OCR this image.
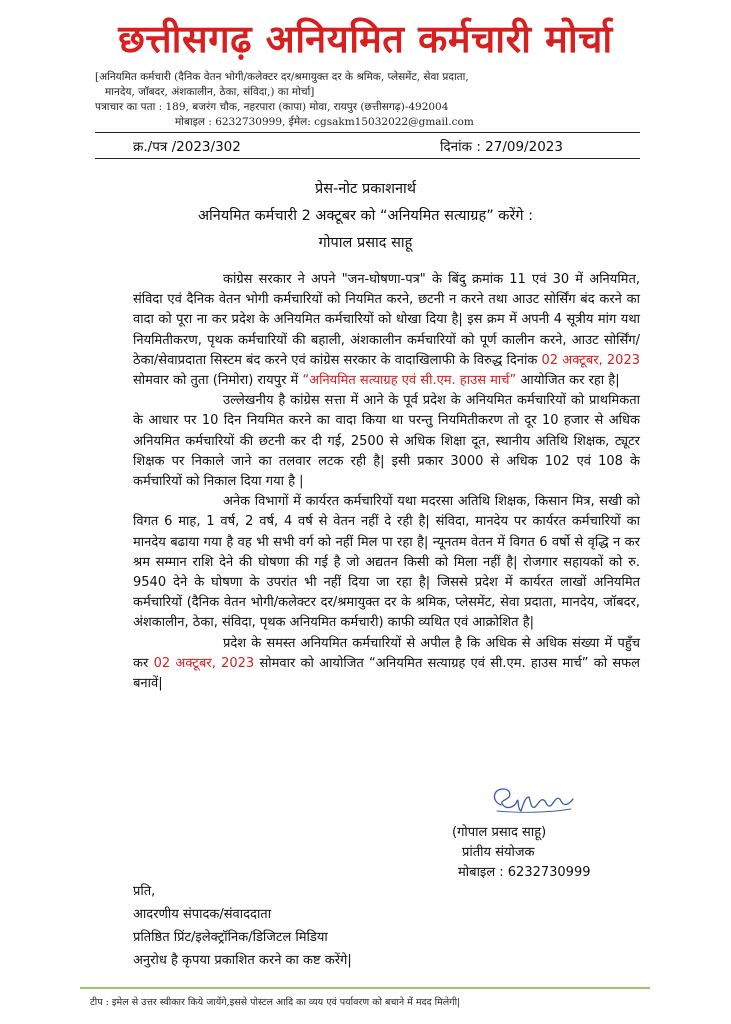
छत्तीसगढ़ अनियमित कर्मचारी मोर्चा
[अनियमित कर्मचारी (दैनिक वेतन भोगी/कलेक्टर दर/श्रमायुक्त दर के श्रमिक, प्लेसमेंट, सेवा प्रदाता,
मानदेय, जॉबदर, अंशकालीन, ठेका, संविदा,) का मोर्चा]
पत्राचार का पता : 189, बजरंग चौक, नहरपारा (कापा) मोवा, रायपुर (छत्तीसगढ़)-492004
मोबाइल : 6232730999, ईमेल: cgsakm15032022@gmail.com
क्र./पत्र /2023/302	दिनांक : 27/09/2023
प्रेस-नोट प्रकाशनार्थ
अनियमित कर्मचारी 2 अक्टूबर को “अनियमित सत्याग्रह” करेंगे :
गोपाल प्रसाद साहू

कांग्रेस सरकार ने अपने "जन-घोषणा-पत्र" के बिंदु क्रमांक 11 एवं 30 में अनियमित, संविदा एवं दैनिक वेतन भोगी कर्मचारियों को नियमित करने, छटनी न करने तथा आउट सोर्सिंग बंद करने का वादा को पूरा ना कर प्रदेश के अनियमित कर्मचारियों को धोखा दिया है| इस क्रम में अपनी 4 सूत्रीय मांग यथा नियमितीकरण, पृथक कर्मचारियों की बहाली, अंशकालीन कर्मचारियों को पूर्ण कालीन करने, आउट सोर्सिंग/ठेका/सेवाप्रदाता सिस्टम बंद करने एवं कांग्रेस सरकार के वादाखिलाफी के विरुद्ध दिनांक 02 अक्टूबर, 2023 सोमवार को तुता (निमोरा) रायपुर में “अनियमित सत्याग्रह एवं सी.एम. हाउस मार्च” आयोजित कर रहा है|

उल्लेखनीय है कांग्रेस सत्ता में आने के पूर्व प्रदेश के अनियमित कर्मचारियों को प्राथमिकता के आधार पर 10 दिन नियमित करने का वादा किया था परन्तु नियमितीकरण तो दूर 10 हजार से अधिक अनियमित कर्मचारियों की छटनी कर दी गई, 2500 से अधिक शिक्षा दूत, स्थानीय अतिथि शिक्षक, ट्यूटर शिक्षक पर निकाले जाने का तलवार लटक रही है| इसी प्रकार 3000 से अधिक 102 एवं 108 के कर्मचारियों को निकाल दिया गया है |

अनेक विभागों में कार्यरत कर्मचारियों यथा मदरसा अतिथि शिक्षक, किसान मित्र, सखी को विगत 6 माह, 1 वर्ष, 2 वर्ष, 4 वर्ष से वेतन नहीं दे रही है| संविदा, मानदेय पर कार्यरत कर्मचारियों का मानदेय बढाया गया है वह भी सभी वर्ग को नहीं मिल पा रहा है| न्यूनतम वेतन में विगत 6 वर्षो से वृद्धि न कर श्रम सम्मान राशि देने की घोषणा की गई है जो अद्यतन किसी को मिला नहीं है| रोजगार सहायकों को रु. 9540 देने के घोषणा के उपरांत भी नहीं दिया जा रहा है| जिससे प्रदेश में कार्यरत लाखों अनियमित कर्मचारियों (दैनिक वेतन भोगी/कलेक्टर दर/श्रमायुक्त दर के श्रमिक, प्लेसमेंट, सेवा प्रदाता, मानदेय, जॉबदर, अंशकालीन, ठेका, संविदा, पृथक अनियमित कर्मचारी) काफी व्यथित एवं आक्रोशित है|

प्रदेश के समस्त अनियमित कर्मचारियों से अपील है कि अधिक से अधिक संख्या में पहुँच कर 02 अक्टूबर, 2023 सोमवार को आयोजित “अनियमित सत्याग्रह एवं सी.एम. हाउस मार्च” को सफल बनावें|

(गोपाल प्रसाद साहू)
प्रांतीय संयोजक
मोबाइल : 6232730999
प्रति,
आदरणीय संपादक/संवाददाता
प्रतिष्ठित प्रिंट/इलेक्ट्रॉनिक/डिजिटल मिडिया
अनुरोध है कृपया प्रकाशित करने का कष्ट करेंगे|
टीप : इमेल से उत्तर स्वीकार किये जायेंगे,इससे पोस्टल आदि का व्यय एवं पर्यावरण को बचाने में मदद मिलेगी|
